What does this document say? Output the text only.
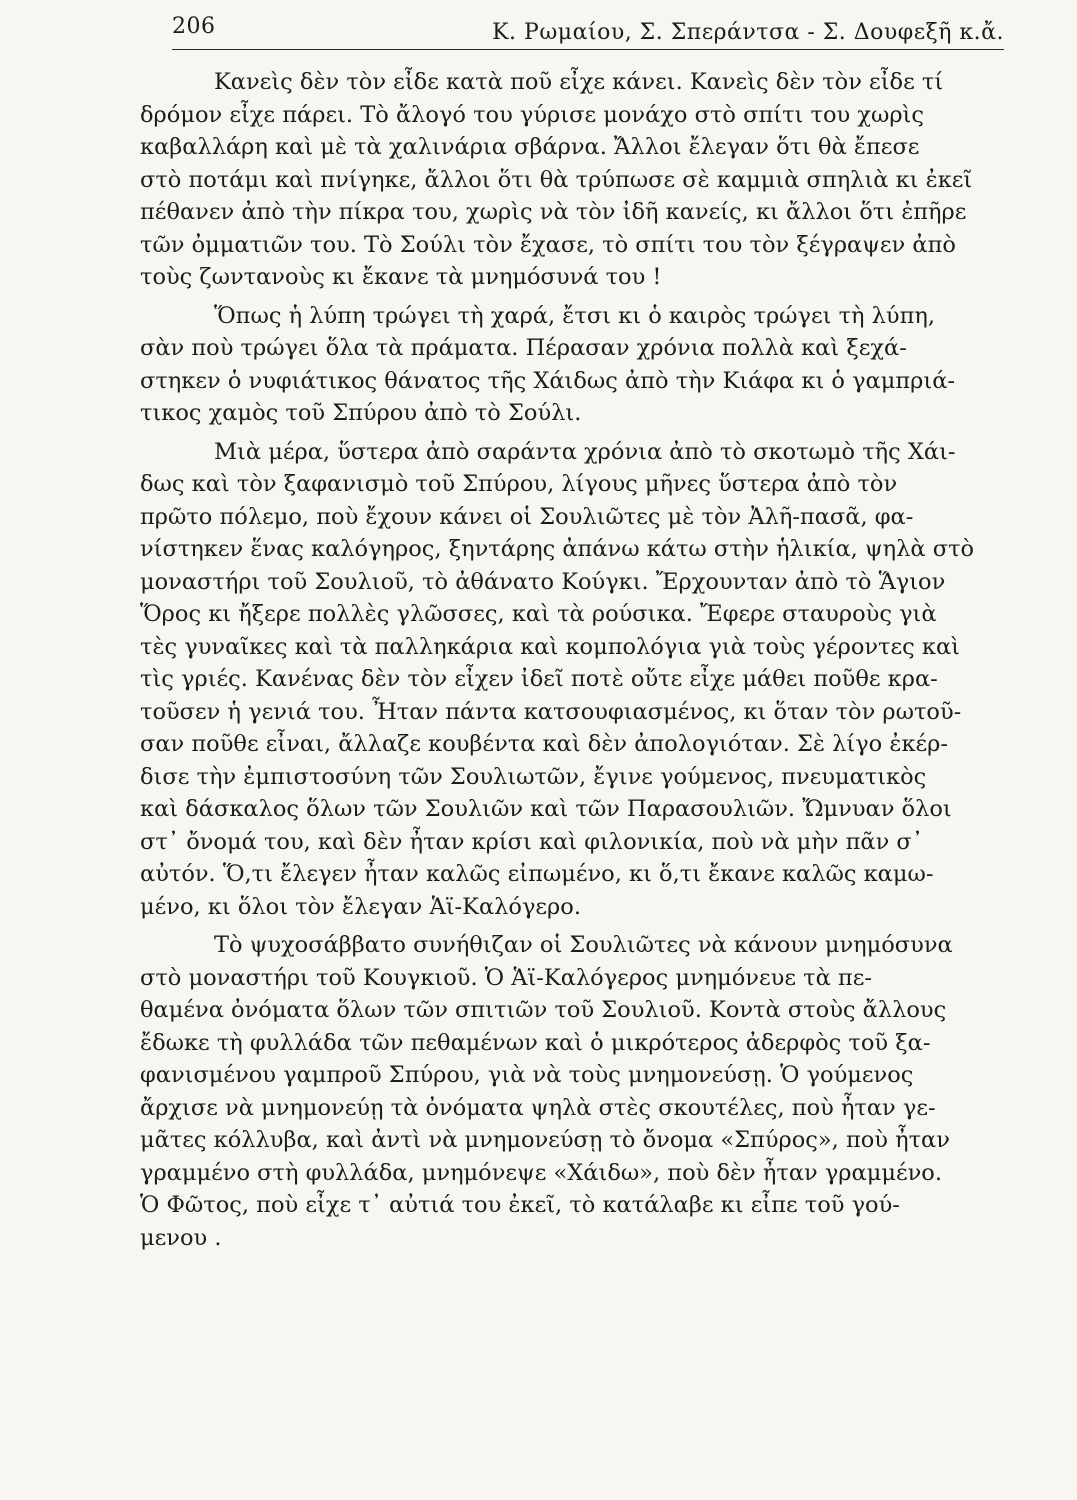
206	Κ. Ρωμαίου, Σ. Σπεράντσα - Σ. Δουφεξῆ κ.ἄ.

Κανεὶς δὲν τὸν εἶδε κατὰ ποῦ εἶχε κάνει. Κανεὶς δὲν τὸν εἶδε τί
δρόμον εἶχε πάρει. Τὸ ἄλογό του γύρισε μονάχο στὸ σπίτι του χωρὶς
καβαλλάρη καὶ μὲ τὰ χαλινάρια σβάρνα. Ἄλλοι ἔλεγαν ὅτι θὰ ἔπεσε
στὸ ποτάμι καὶ πνίγηκε, ἄλλοι ὅτι θὰ τρύπωσε σὲ καμμιὰ σπηλιὰ κι ἐκεῖ
πέθανεν ἀπὸ τὴν πίκρα του, χωρὶς νὰ τὸν ἰδῆ κανείς, κι ἄλλοι ὅτι ἐπῆρε
τῶν ὀμματιῶν του. Τὸ Σούλι τὸν ἔχασε, τὸ σπίτι του τὸν ξέγραψεν ἀπὸ
τοὺς ζωντανοὺς κι ἔκανε τὰ μνημόσυνά του !

Ὅπως ἡ λύπη τρώγει τὴ χαρά, ἔτσι κι ὁ καιρὸς τρώγει τὴ λύπη,
σὰν ποὺ τρώγει ὅλα τὰ πράματα. Πέρασαν χρόνια πολλὰ καὶ ξεχά-
στηκεν ὁ νυφιάτικος θάνατος τῆς Χάιδως ἀπὸ τὴν Κιάφα κι ὁ γαμπριά-
τικος χαμὸς τοῦ Σπύρου ἀπὸ τὸ Σούλι.

Μιὰ μέρα, ὕστερα ἀπὸ σαράντα χρόνια ἀπὸ τὸ σκοτωμὸ τῆς Χάι-
δως καὶ τὸν ξαφανισμὸ τοῦ Σπύρου, λίγους μῆνες ὕστερα ἀπὸ τὸν
πρῶτο πόλεμο, ποὺ ἔχουν κάνει οἱ Σουλιῶτες μὲ τὸν Ἀλῆ-πασᾶ, φα-
νίστηκεν ἕνας καλόγηρος, ξηντάρης ἀπάνω κάτω στὴν ἡλικία, ψηλὰ στὸ
μοναστήρι τοῦ Σουλιοῦ, τὸ ἀθάνατο Κούγκι. Ἔρχουνταν ἀπὸ τὸ Ἅγιον
Ὅρος κι ἤξερε πολλὲς γλῶσσες, καὶ τὰ ρούσικα. Ἔφερε σταυροὺς γιὰ
τὲς γυναῖκες καὶ τὰ παλληκάρια καὶ κομπολόγια γιὰ τοὺς γέροντες καὶ
τὶς γριές. Κανένας δὲν τὸν εἶχεν ἰδεῖ ποτὲ οὔτε εἶχε μάθει ποῦθε κρα-
τοῦσεν ἡ γενιά του. Ἦταν πάντα κατσουφιασμένος, κι ὅταν τὸν ρωτοῦ-
σαν ποῦθε εἶναι, ἄλλαζε κουβέντα καὶ δὲν ἀπολογιόταν. Σὲ λίγο ἐκέρ-
δισε τὴν ἐμπιστοσύνη τῶν Σουλιωτῶν, ἔγινε γούμενος, πνευματικὸς
καὶ δάσκαλος ὅλων τῶν Σουλιῶν καὶ τῶν Παρασουλιῶν. Ὤμνυαν ὅλοι
στ᾿ ὄνομά του, καὶ δὲν ἦταν κρίσι καὶ φιλονικία, ποὺ νὰ μὴν πᾶν σ᾿
αὐτόν. Ὅ,τι ἔλεγεν ἦταν καλῶς εἰπωμένο, κι ὅ,τι ἔκανε καλῶς καμω-
μένο, κι ὅλοι τὸν ἔλεγαν Ἁϊ-Καλόγερο.

Τὸ ψυχοσάββατο συνήθιζαν οἱ Σουλιῶτες νὰ κάνουν μνημόσυνα
στὸ μοναστήρι τοῦ Κουγκιοῦ. Ὁ Ἁϊ-Καλόγερος μνημόνευε τὰ πε-
θαμένα ὀνόματα ὅλων τῶν σπιτιῶν τοῦ Σουλιοῦ. Κοντὰ στοὺς ἄλλους
ἔδωκε τὴ φυλλάδα τῶν πεθαμένων καὶ ὁ μικρότερος ἀδερφὸς τοῦ ξα-
φανισμένου γαμπροῦ Σπύρου, γιὰ νὰ τοὺς μνημονεύσῃ. Ὁ γούμενος
ἄρχισε νὰ μνημονεύῃ τὰ ὀνόματα ψηλὰ στὲς σκουτέλες, ποὺ ἦταν γε-
μᾶτες κόλλυβα, καὶ ἀντὶ νὰ μνημονεύσῃ τὸ ὄνομα «Σπύρος», ποὺ ἦταν
γραμμένο στὴ φυλλάδα, μνημόνεψε «Χάιδω», ποὺ δὲν ἦταν γραμμένο.
Ὁ Φῶτος, ποὺ εἶχε τ᾿ αὐτιά του ἐκεῖ, τὸ κατάλαβε κι εἶπε τοῦ γού-
μενου .
